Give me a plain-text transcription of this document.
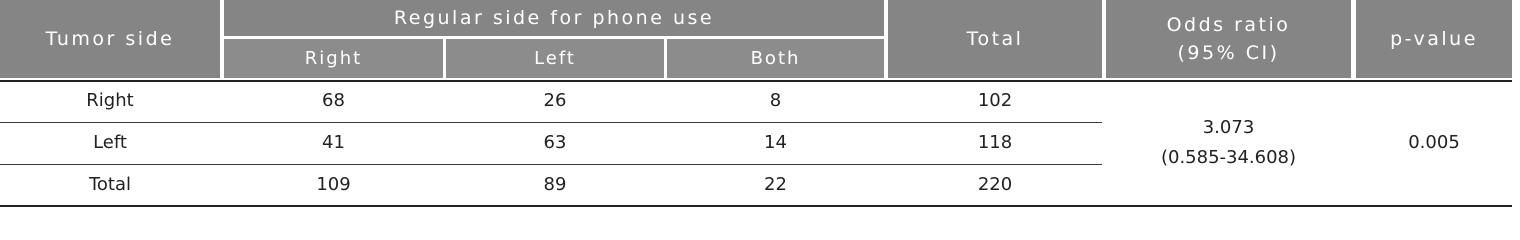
Tumor side
Regular side for phone use
Right	Left	Both
Total
Odds ratio
(95% CI)
p-value
Right	68	26	8	102
Left	41	63	14	118
Total	109	89	22	220
3.073
(0.585-34.608)
0.005
